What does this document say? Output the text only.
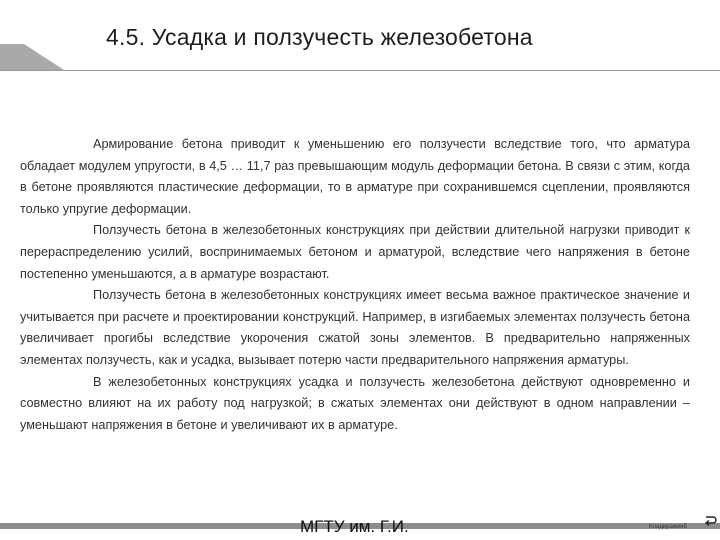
4.5. Усадка и ползучесть железобетона

Армирование бетона приводит к уменьшению его ползучести вследствие того, что арматура обладает модулем упругости, в 4,5 … 11,7 раз превышающим модуль деформации бетона. В связи с этим, когда в бетоне проявляются пластические деформации, то в арматуре при сохранившемся сцеплении, проявляются только упругие деформации.

Ползучесть бетона в железобетонных конструкциях при действии длительной нагрузки приводит к перераспределению усилий, воспринимаемых бетоном и арматурой, вследствие чего напряжения в бетоне постепенно уменьшаются, а в арматуре возрастают.

Ползучесть бетона в железобетонных конструкциях имеет весьма важное практическое значение и учитывается при расчете и проектировании конструкций. Например, в изгибаемых элементах ползучесть бетона увеличивает прогибы вследствие укорочения сжатой зоны элементов. В предварительно напряженных элементах ползучесть, как и усадка, вызывает потерю части предварительного напряжения арматуры.

В железобетонных конструкциях усадка и ползучесть железобетона действуют одновременно и совместно влияют на их работу под нагрузкой; в сжатых элементах они действуют в одном направлении – уменьшают напряжения в бетоне и увеличивают их в арматуре.

МГТУ им. Г.И.	Кладиражинб
